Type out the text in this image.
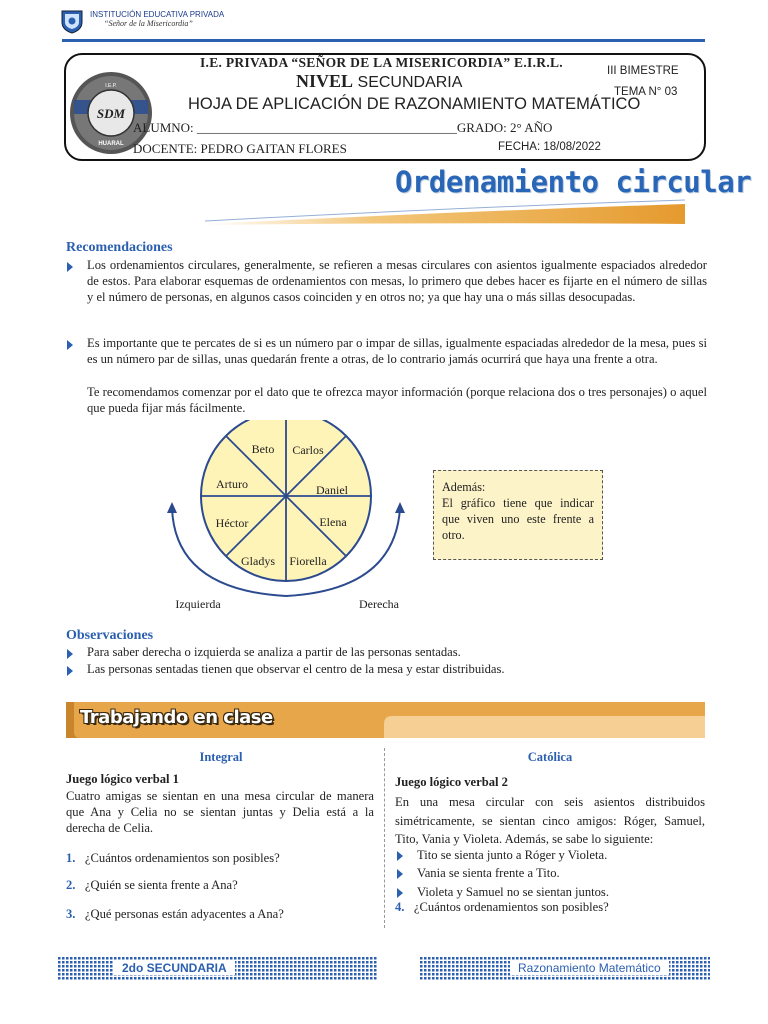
INSTITUCIÓN EDUCATIVA PRIVADA
“Señor de la Misericordia”
I.E.P.
SDM
HUARAL
I.E. PRIVADA “SEÑOR DE LA MISERICORDIA” E.I.R.L.
NIVEL SECUNDARIA
HOJA DE APLICACIÓN DE RAZONAMIENTO MATEMÁTICO
ALUMNO: ________________________________________GRADO: 2° AÑO
DOCENTE: PEDRO GAITAN FLORES
III BIMESTRE
TEMA N° 03
FECHA: 18/08/2022
Ordenamiento circular
Recomendaciones
Los ordenamientos circulares, generalmente, se refieren a mesas circulares con asientos igualmente espaciados alrededor de estos. Para elaborar esquemas de ordenamientos con mesas, lo primero que debes hacer es fijarte en el número de sillas y el número de personas, en algunos casos coinciden y en otros no; ya que hay una o más sillas desocupadas.
Es importante que te percates de si es un número par o impar de sillas, igualmente espaciadas alrededor de la mesa, pues si es un número par de sillas, unas quedarán frente a otras, de lo contrario jamás ocurrirá que haya una frente a otra.
Te recomendamos comenzar por el dato que te ofrezca mayor información (porque relaciona dos o tres personajes) o aquel que pueda fijar más fácilmente.
Beto Carlos
Daniel
Elena
Fiorella
Gladys
Héctor
Arturo
Izquierda	Derecha
Además:
El gráfico tiene que indicar que viven uno este frente a otro.
Observaciones
Para saber derecha o izquierda se analiza a partir de las personas sentadas.
Las personas sentadas tienen que observar el centro de la mesa y estar distribuidas.
Trabajando en clase
Integral
Juego lógico verbal 1
Cuatro amigas se sientan en una mesa circular de manera que Ana y Celia no se sientan juntas y Delia está a la derecha de Celia.
1. ¿Cuántos ordenamientos son posibles?
2. ¿Quién se sienta frente a Ana?
3. ¿Qué personas están adyacentes a Ana?
Católica
Juego lógico verbal 2
En una mesa circular con seis asientos distribuidos simétricamente, se sientan cinco amigos: Róger, Samuel, Tito, Vania y Violeta. Además, se sabe lo siguiente:
Tito se sienta junto a Róger y Violeta.
Vania se sienta frente a Tito.
Violeta y Samuel no se sientan juntos.
4. ¿Cuántos ordenamientos son posibles?
2do SECUNDARIA	Razonamiento Matemático
